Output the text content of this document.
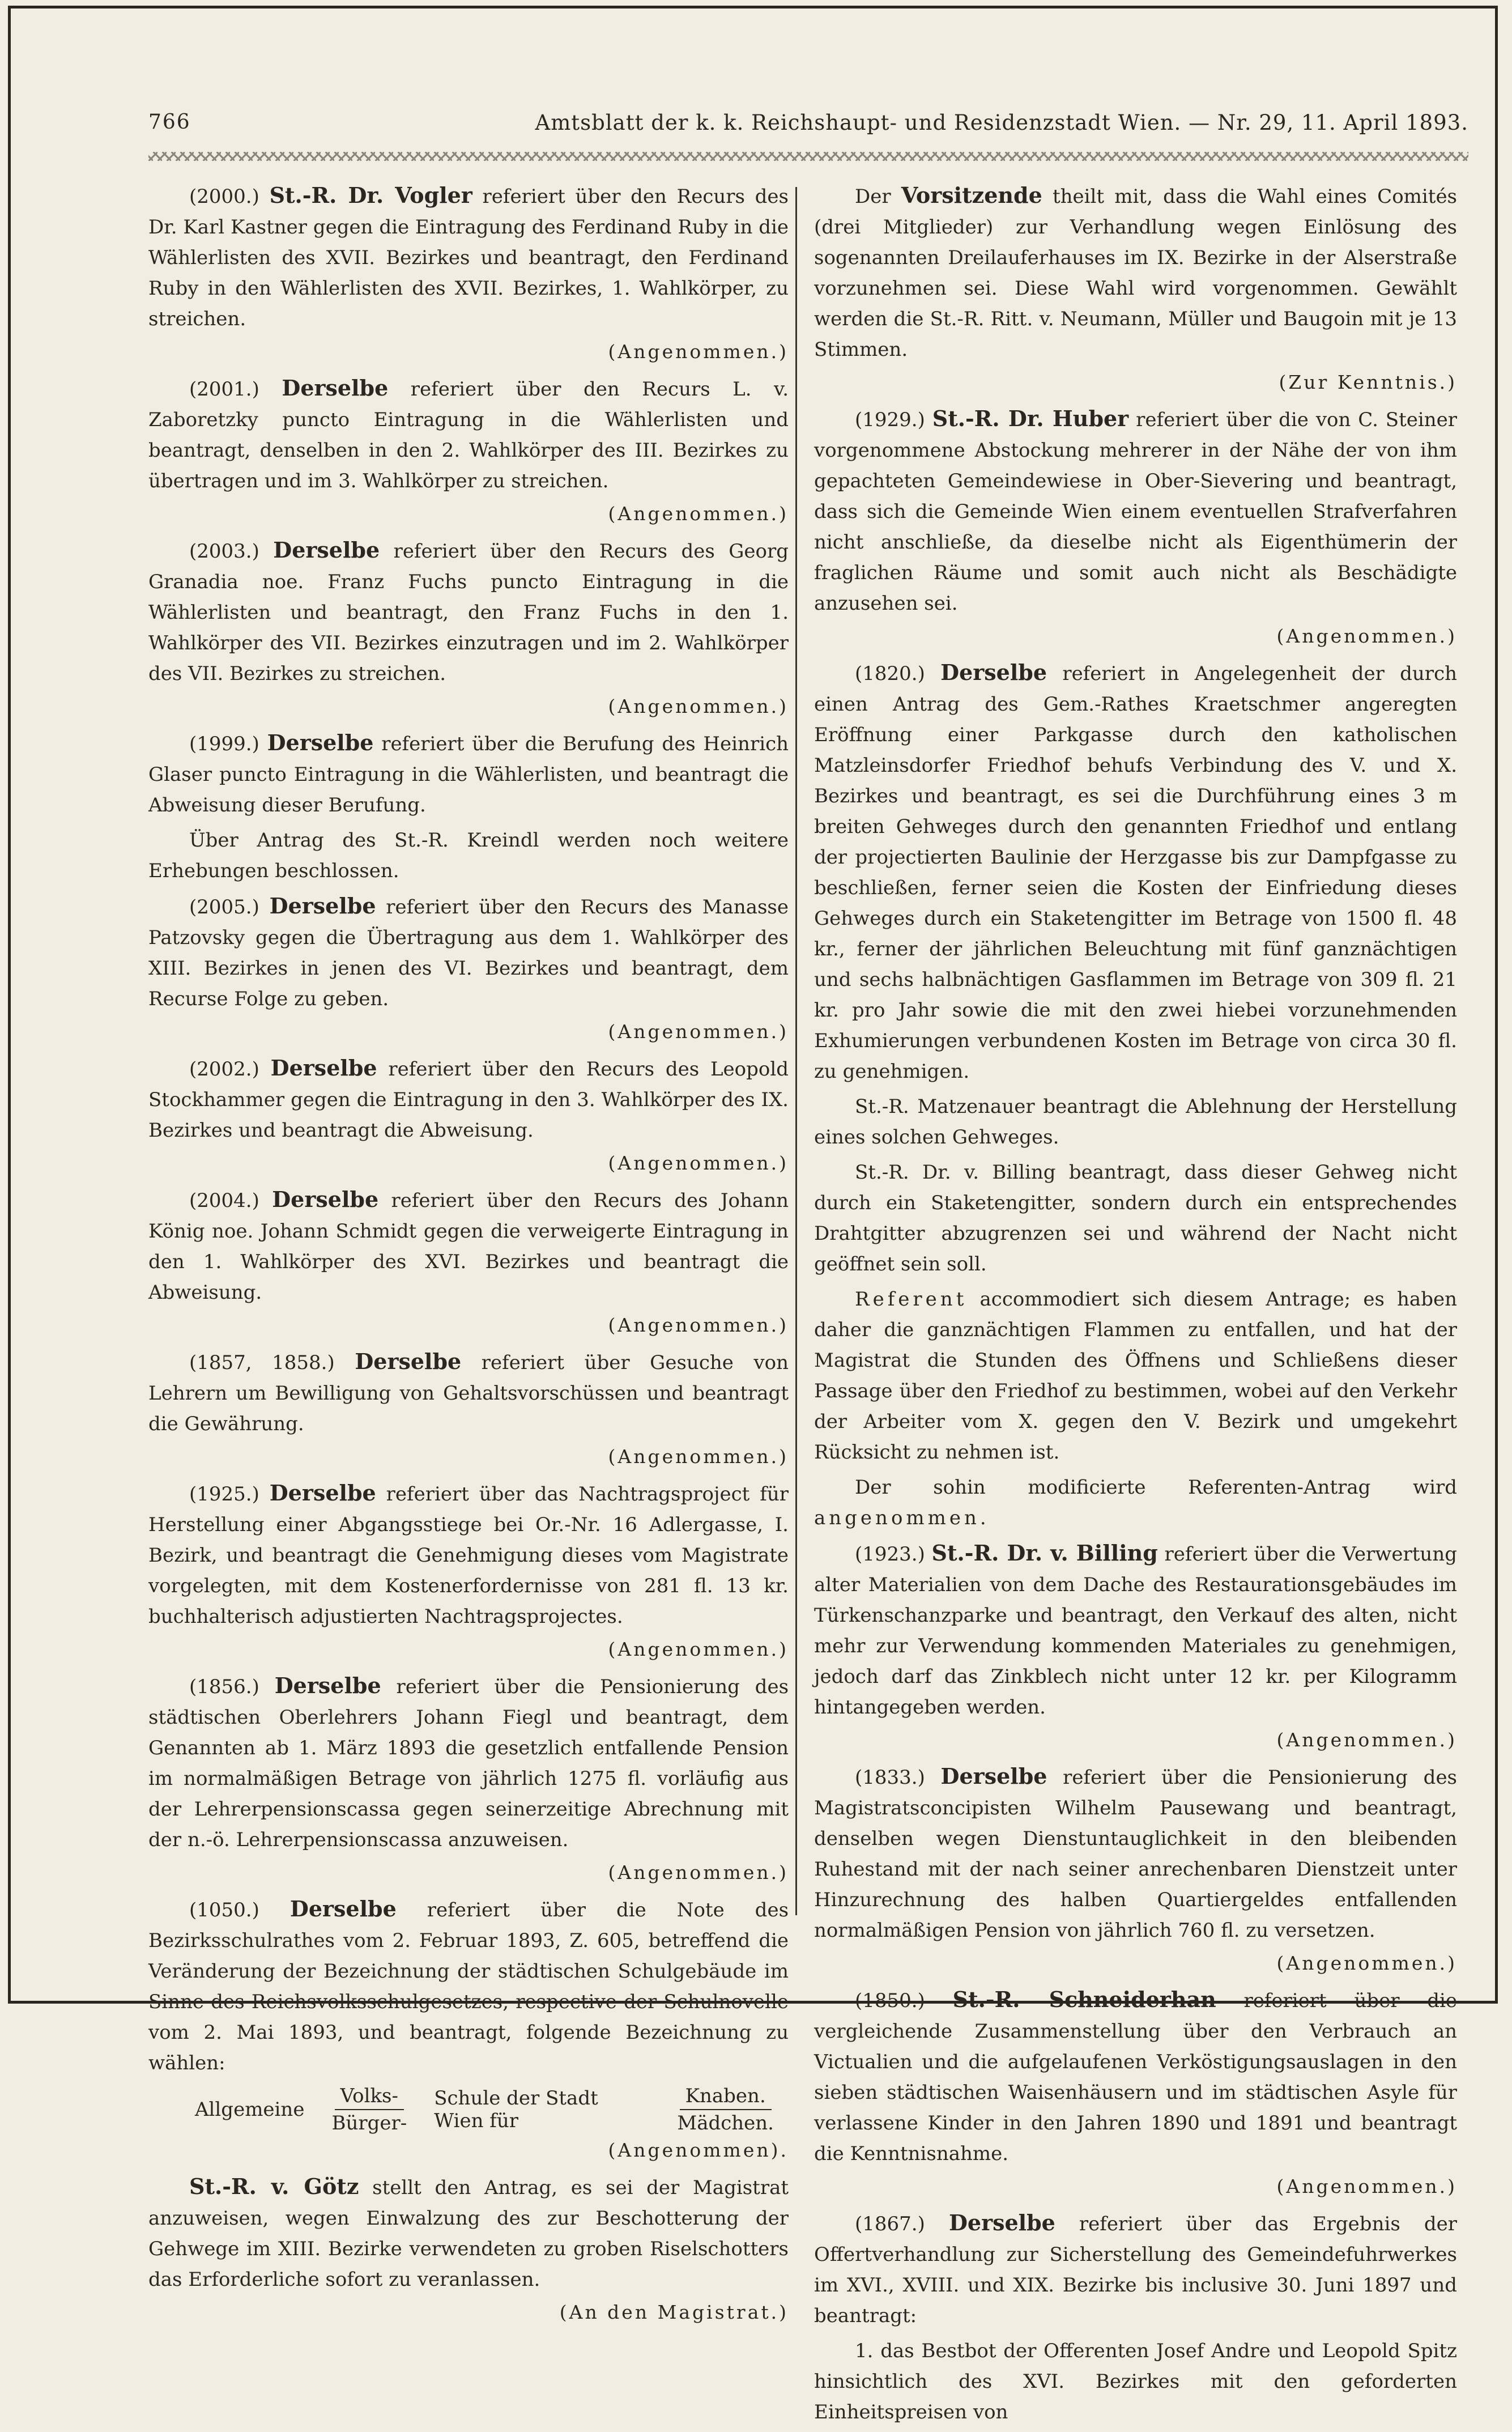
766	Amtsblatt der k. k. Reichshaupt- und Residenzstadt Wien. — Nr. 29, 11. April 1893.

(2000.) St.-R. Dr. Vogler referiert über den Recurs des Dr. Karl Kastner gegen die Eintragung des Ferdinand Ruby in die Wählerlisten des XVII. Bezirkes und beantragt, den Ferdinand Ruby in den Wählerlisten des XVII. Bezirkes, 1. Wahlkörper, zu streichen.

(Angenommen.)

(2001.) Derselbe referiert über den Recurs L. v. Zaboretzky puncto Eintragung in die Wählerlisten und beantragt, denselben in den 2. Wahlkörper des III. Bezirkes zu übertragen und im 3. Wahlkörper zu streichen.

(Angenommen.)

(2003.) Derselbe referiert über den Recurs des Georg Granadia noe. Franz Fuchs puncto Eintragung in die Wählerlisten und beantragt, den Franz Fuchs in den 1. Wahlkörper des VII. Bezirkes einzutragen und im 2. Wahlkörper des VII. Bezirkes zu streichen.

(Angenommen.)

(1999.) Derselbe referiert über die Berufung des Heinrich Glaser puncto Eintragung in die Wählerlisten, und beantragt die Abweisung dieser Berufung.

Über Antrag des St.-R. Kreindl werden noch weitere Erhebungen beschlossen.

(2005.) Derselbe referiert über den Recurs des Manasse Patzovsky gegen die Übertragung aus dem 1. Wahlkörper des XIII. Bezirkes in jenen des VI. Bezirkes und beantragt, dem Recurse Folge zu geben.

(Angenommen.)

(2002.) Derselbe referiert über den Recurs des Leopold Stockhammer gegen die Eintragung in den 3. Wahlkörper des IX. Bezirkes und beantragt die Abweisung.

(Angenommen.)

(2004.) Derselbe referiert über den Recurs des Johann König noe. Johann Schmidt gegen die verweigerte Eintragung in den 1. Wahlkörper des XVI. Bezirkes und beantragt die Abweisung.

(Angenommen.)

(1857, 1858.) Derselbe referiert über Gesuche von Lehrern um Bewilligung von Gehaltsvorschüssen und beantragt die Gewährung.

(Angenommen.)

(1925.) Derselbe referiert über das Nachtragsproject für Herstellung einer Abgangsstiege bei Or.-Nr. 16 Adlergasse, I. Bezirk, und beantragt die Genehmigung dieses vom Magistrate vorgelegten, mit dem Kostenerfordernisse von 281 fl. 13 kr. buchhalterisch adjustierten Nachtragsprojectes.

(Angenommen.)

(1856.) Derselbe referiert über die Pensionierung des städtischen Oberlehrers Johann Fiegl und beantragt, dem Genannten ab 1. März 1893 die gesetzlich entfallende Pension im normalmäßigen Betrage von jährlich 1275 fl. vorläufig aus der Lehrerpensionscassa gegen seinerzeitige Abrechnung mit der n.-ö. Lehrerpensionscassa anzuweisen.

(Angenommen.)

(1050.) Derselbe referiert über die Note des Bezirksschulrathes vom 2. Februar 1893, Z. 605, betreffend die Veränderung der Bezeichnung der städtischen Schulgebäude im Sinne des Reichsvolksschulgesetzes, respective der Schulnovelle vom 2. Mai 1893, und beantragt, folgende Bezeichnung zu wählen:

Allgemeine $\frac{\text{Volks-}}{\text{Bürger-}}$ Schule der Stadt Wien für	$\frac{\text{Knaben.}}{\text{Mädchen.}}$
(Angenommen).

St.-R. v. Götz stellt den Antrag, es sei der Magistrat anzuweisen, wegen Einwalzung des zur Beschotterung der Gehwege im XIII. Bezirke verwendeten zu groben Riselschotters das Erforderliche sofort zu veranlassen.

(An den Magistrat.)

Der Vorsitzende theilt mit, dass die Wahl eines Comités (drei Mitglieder) zur Verhandlung wegen Einlösung des sogenannten Dreilauferhauses im IX. Bezirke in der Alserstraße vorzunehmen sei. Diese Wahl wird vorgenommen. Gewählt werden die St.-R. Ritt. v. Neumann, Müller und Baugoin mit je 13 Stimmen.

(Zur Kenntnis.)

(1929.) St.-R. Dr. Huber referiert über die von C. Steiner vorgenommene Abstockung mehrerer in der Nähe der von ihm gepachteten Gemeindewiese in Ober-Sievering und beantragt, dass sich die Gemeinde Wien einem eventuellen Strafverfahren nicht anschließe, da dieselbe nicht als Eigenthümerin der fraglichen Räume und somit auch nicht als Beschädigte anzusehen sei.

(Angenommen.)

(1820.) Derselbe referiert in Angelegenheit der durch einen Antrag des Gem.-Rathes Kraetschmer angeregten Eröffnung einer Parkgasse durch den katholischen Matzleinsdorfer Friedhof behufs Verbindung des V. und X. Bezirkes und beantragt, es sei die Durchführung eines 3 m breiten Gehweges durch den genannten Friedhof und entlang der projectierten Baulinie der Herzgasse bis zur Dampfgasse zu beschließen, ferner seien die Kosten der Einfriedung dieses Gehweges durch ein Staketengitter im Betrage von 1500 fl. 48 kr., ferner der jährlichen Beleuchtung mit fünf ganznächtigen und sechs halbnächtigen Gasflammen im Betrage von 309 fl. 21 kr. pro Jahr sowie die mit den zwei hiebei vorzunehmenden Exhumierungen verbundenen Kosten im Betrage von circa 30 fl. zu genehmigen.

St.-R. Matzenauer beantragt die Ablehnung der Herstellung eines solchen Gehweges.

St.-R. Dr. v. Billing beantragt, dass dieser Gehweg nicht durch ein Staketengitter, sondern durch ein entsprechendes Drahtgitter abzugrenzen sei und während der Nacht nicht geöffnet sein soll.

Referent accommodiert sich diesem Antrage; es haben daher die ganznächtigen Flammen zu entfallen, und hat der Magistrat die Stunden des Öffnens und Schließens dieser Passage über den Friedhof zu bestimmen, wobei auf den Verkehr der Arbeiter vom X. gegen den V. Bezirk und umgekehrt Rücksicht zu nehmen ist.

Der sohin modificierte Referenten-Antrag wird angenommen.

(1923.) St.-R. Dr. v. Billing referiert über die Verwertung alter Materialien von dem Dache des Restaurationsgebäudes im Türkenschanzparke und beantragt, den Verkauf des alten, nicht mehr zur Verwendung kommenden Materiales zu genehmigen, jedoch darf das Zinkblech nicht unter 12 kr. per Kilogramm hintangegeben werden.

(Angenommen.)

(1833.) Derselbe referiert über die Pensionierung des Magistratsconcipisten Wilhelm Pausewang und beantragt, denselben wegen Dienstuntauglichkeit in den bleibenden Ruhestand mit der nach seiner anrechenbaren Dienstzeit unter Hinzurechnung des halben Quartiergeldes entfallenden normalmäßigen Pension von jährlich 760 fl. zu versetzen.

(Angenommen.)

(1850.) St.-R. Schneiderhan referiert über die vergleichende Zusammenstellung über den Verbrauch an Victualien und die aufgelaufenen Verköstigungsauslagen in den sieben städtischen Waisenhäusern und im städtischen Asyle für verlassene Kinder in den Jahren 1890 und 1891 und beantragt die Kenntnisnahme.

(Angenommen.)

(1867.) Derselbe referiert über das Ergebnis der Offertverhandlung zur Sicherstellung des Gemeindefuhrwerkes im XVI., XVIII. und XIX. Bezirke bis inclusive 30. Juni 1897 und beantragt:

1. das Bestbot der Offerenten Josef Andre und Leopold Spitz hinsichtlich des XVI. Bezirkes mit den geforderten Einheitspreisen von
